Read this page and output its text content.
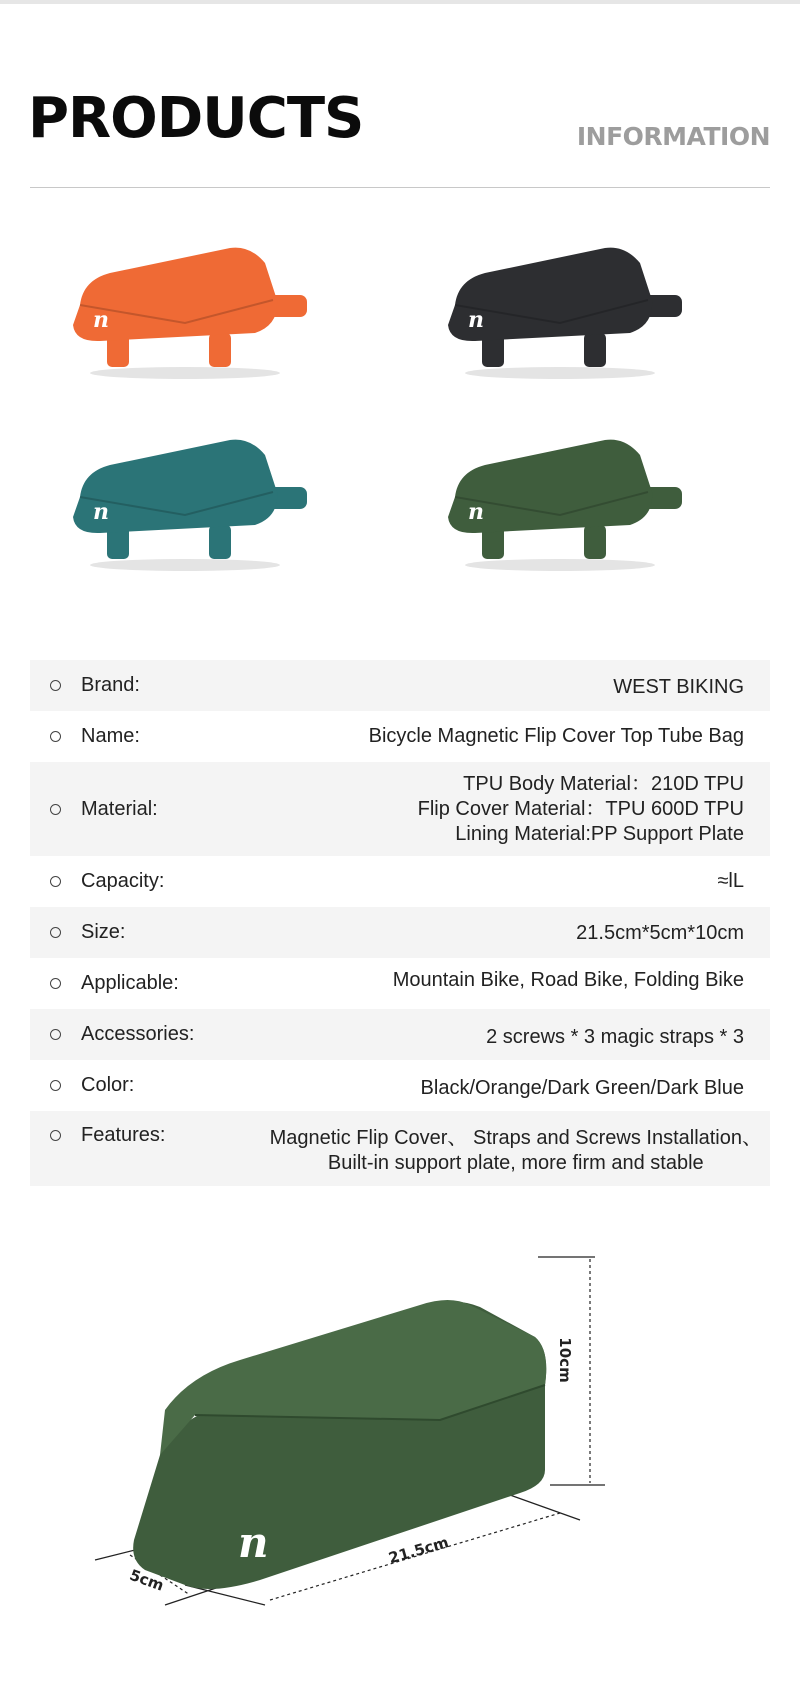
PRODUCTS	INFORMATION
n	n
n	n
Brand:	WEST BIKING
Name:	Bicycle Magnetic Flip Cover Top Tube Bag
Material:
TPU Body Material：210D TPU
Flip Cover Material：TPU 600D TPU
Lining Material:PP Support Plate
Capacity:	≈lL
Size:	21.5cm*5cm*10cm
Applicable:	Mountain Bike, Road Bike, Folding Bike
Accessories:	2 screws * 3 magic straps * 3
Color:	Black/Orange/Dark Green/Dark Blue
Features:	Magnetic Flip Cover、 Straps and Screws Installation、
Built-in support plate, more firm and stable
n
10cm
5cm
21.5cm
